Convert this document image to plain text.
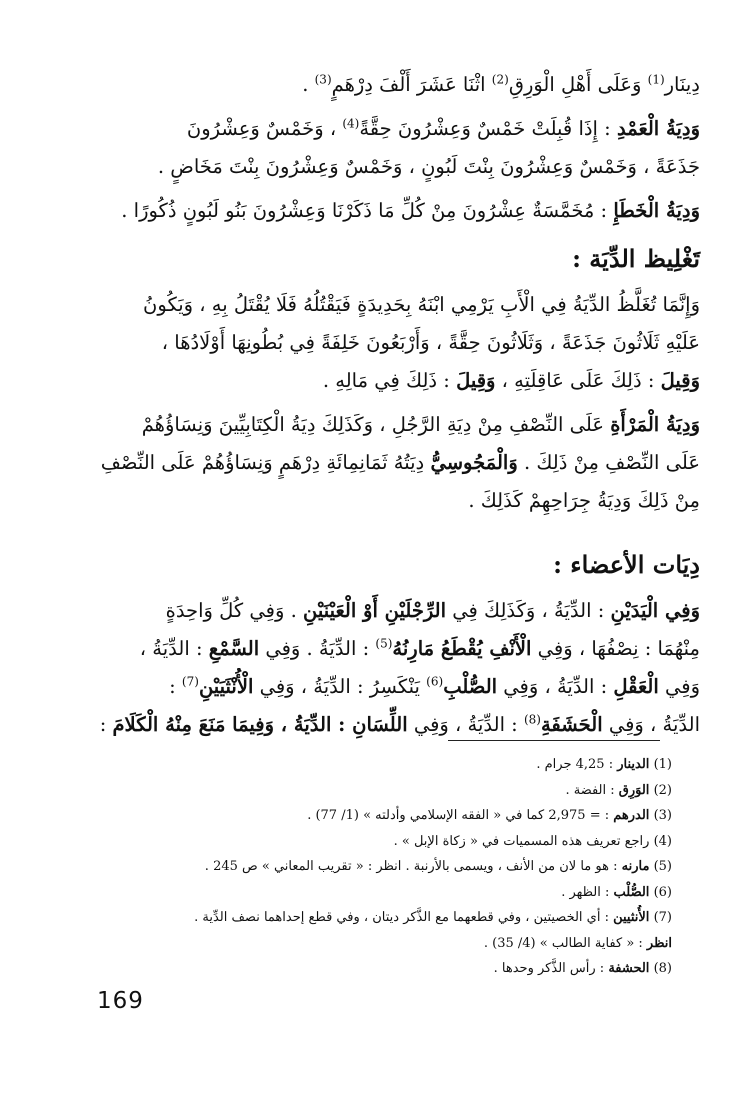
دِينَار$^{(1)}$ وَعَلَى أَهْلِ الْوَرِقِ$^{(2)}$ اثْنَا عَشَرَ أَلْفَ دِرْهَمٍ$^{(3)}$ .

وَدِيَةُ الْعَمْدِ : إِذَا قُبِلَتْ خَمْسٌ وَعِشْرُونَ حِقَّةً$^{(4)}$ ، وَخَمْسٌ وَعِشْرُونَ
جَذَعَةً ، وَخَمْسٌ وَعِشْرُونَ بِنْتَ لَبُونٍ ، وَخَمْسٌ وَعِشْرُونَ بِنْتَ مَخَاضٍ .

وَدِيَةُ الْخَطَإِ : مُخَمَّسَةٌ عِشْرُونَ مِنْ كُلِّ مَا ذَكَرْنَا وَعِشْرُونَ بَنُو لَبُونٍ ذُكُورًا .

تَغْلِيظ الدِّيَة :

وَإِنَّمَا تُغَلَّظُ الدِّيَةُ فِي الْأَبِ يَرْمِي ابْنَهُ بِحَدِيدَةٍ فَيَقْتُلُهُ فَلَا يُقْتَلُ بِهِ ، وَيَكُونُ
عَلَيْهِ ثَلَاثُونَ جَذَعَةً ، وَثَلَاثُونَ حِقَّةً ، وَأَرْبَعُونَ خَلِفَةً فِي بُطُونِهَا أَوْلَادُهَا ،
وَقِيلَ : ذَلِكَ عَلَى عَاقِلَتِهِ ، وَقِيلَ : ذَلِكَ فِي مَالِهِ .

وَدِيَةُ الْمَرْأَةِ عَلَى النِّصْفِ مِنْ دِيَةِ الرَّجُلِ ، وَكَذَلِكَ دِيَةُ الْكِتَابِيِّينَ وَنِسَاؤُهُمْ
عَلَى النِّصْفِ مِنْ ذَلِكَ . وَالْمَجُوسِيُّ دِيَتُهُ ثَمَانِمِائَةِ دِرْهَمٍ وَنِسَاؤُهُمْ عَلَى النِّصْفِ
مِنْ ذَلِكَ وَدِيَةُ جِرَاحِهِمْ كَذَلِكَ .

دِيَات الأعضاء :

وَفِي الْيَدَيْنِ : الدِّيَةُ ، وَكَذَلِكَ فِي الرِّجْلَيْنِ أَوْ الْعَيْنَيْنِ . وَفِي كُلِّ وَاحِدَةٍ
مِنْهُمَا : نِصْفُهَا ، وَفِي الْأَنْفِ يُقْطَعُ مَارِنُهُ$^{(5)}$ : الدِّيَةُ . وَفِي السَّمْعِ : الدِّيَةُ ،
وَفِي الْعَقْلِ : الدِّيَةُ ، وَفِي الصُّلْبِ$^{(6)}$ يَنْكَسِرُ : الدِّيَةُ ، وَفِي الْأُنْثَيَيْنِ$^{(7)}$ :
الدِّيَةُ ، وَفِي الْحَشَفَةِ$^{(8)}$ : الدِّيَةُ ، وَفِي اللِّسَانِ : الدِّيَةُ ، وَفِيمَا مَنَعَ مِنْهُ الْكَلَامَ :

(1) الدينار : 4,25 جرام .
(2) الوَرِق : الفضة .
(3) الدرهم : = 2,975 كما في « الفقه الإسلامي وأدلته » (1/ 77) .
(4) راجع تعريف هذه المسميات في « زكاة الإبل » .
(5) مارنه : هو ما لان من الأنف ، ويسمى بالأرنبة . انظر : « تقريب المعاني » ص 245 .
(6) الصُّلْب : الظهر .
(7) الأُنثيين : أي الخصيتين ، وفي قطعهما مع الذَّكر ديتان ، وفي قطع إحداهما نصف الدِّية .
انظر : « كفاية الطالب » (4/ 35) .
(8) الحشفة : رأس الذَّكر وحدها .
169
